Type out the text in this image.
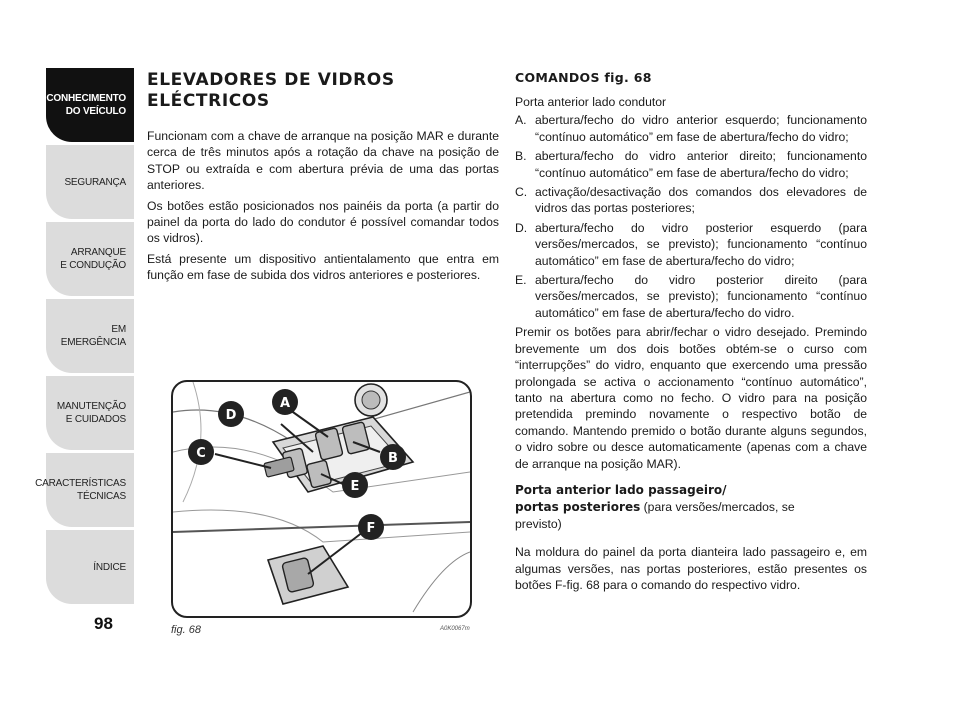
CONHECIMENTO
DO VEÍCULO
SEGURANÇA
ARRANQUE
E CONDUÇÃO
EM EMERGÊNCIA
MANUTENÇÃO
E CUIDADOS
CARACTERÍSTICAS
TÉCNICAS
ÍNDICE
98
ELEVADORES DE VIDROS
ELÉCTRICOS

Funcionam com a chave de arranque na posição MAR e durante cerca de três minutos após a rotação da chave na posição de STOP ou extraída e com abertura prévia de uma das portas anteriores.

Os botões estão posicionados nos painéis da porta (a partir do painel da porta do lado do condutor é possível comandar todos os vidros).

Está presente um dispositivo antientalamento que entra em função em fase de subida dos vidros anteriores e posteriores.

A
B
C
D
E
F
fig. 68	A0K0067m
COMANDOS fig. 68
Porta anterior lado condutor
A. abertura/fecho do vidro anterior esquerdo; funcionamento “contínuo automático” em fase de abertura/fecho do vidro;
B. abertura/fecho do vidro anterior direito; funcionamento “contínuo automático” em fase de abertura/fecho do vidro;
C. activação/desactivação dos comandos dos elevadores de vidros das portas posteriores;
D. abertura/fecho do vidro posterior esquerdo (para versões/mercados, se previsto); funcionamento “contínuo automático” em fase de abertura/fecho do vidro;
E. abertura/fecho do vidro posterior direito (para versões/mercados, se previsto); funcionamento “contínuo automático” em fase de abertura/fecho do vidro.

Premir os botões para abrir/fechar o vidro desejado. Premindo brevemente um dos dois botões obtém-se o curso com “interrupções” do vidro, enquanto que exercendo uma pressão prolongada se activa o accionamento “contínuo automático”, tanto na abertura como no fecho. O vidro para na posição pretendida premindo novamente o respectivo botão de comando. Mantendo premido o botão durante alguns segundos, o vidro sobre ou desce automaticamente (apenas com a chave de arranque na posição MAR).

Porta anterior lado passageiro/
portas posteriores (para versões/mercados, se
previsto)

Na moldura do painel da porta dianteira lado passageiro e, em algumas versões, nas portas posteriores, estão presentes os botões F-fig. 68 para o comando do respectivo vidro.
